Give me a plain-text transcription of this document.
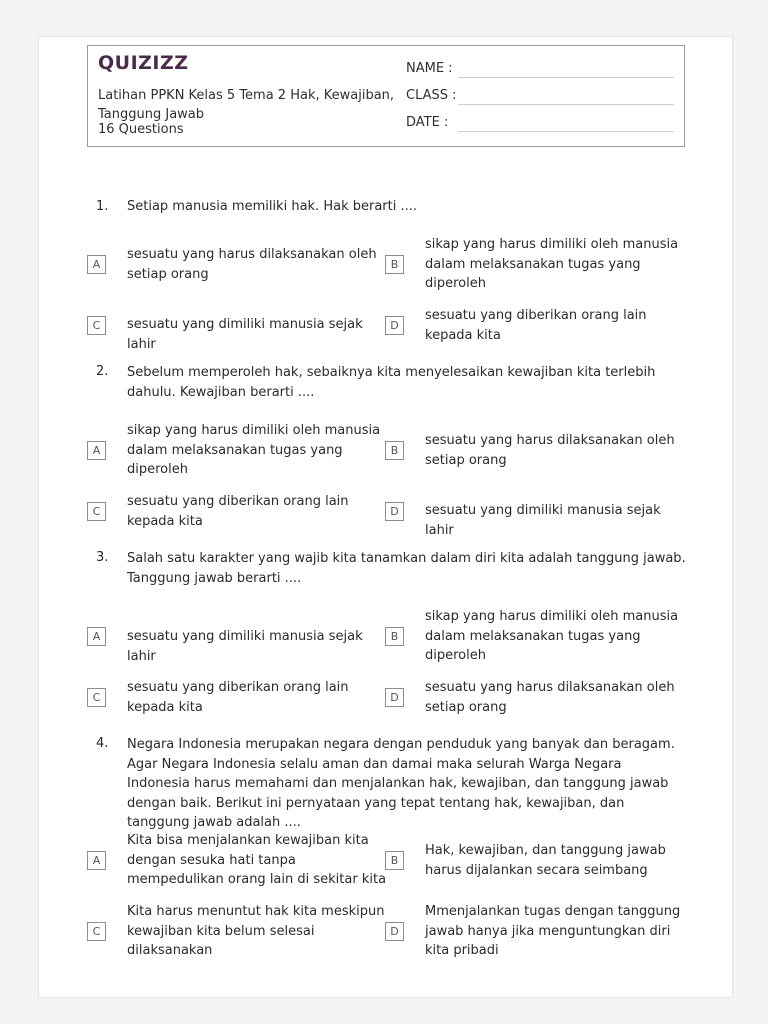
QUIZIZZ
Latihan PPKN Kelas 5 Tema 2 Hak, Kewajiban, Tanggung Jawab
16 Questions
NAME :
CLASS :
DATE :
1. Setiap manusia memiliki hak. Hak berarti ....
A
sesuatu yang harus dilaksanakan oleh setiap orang
B
sikap yang harus dimiliki oleh manusia dalam melaksanakan tugas yang diperoleh
C	sesuatu yang dimiliki manusia sejak lahir
D
sesuatu yang diberikan orang lain kepada kita
2. Sebelum memperoleh hak, sebaiknya kita menyelesaikan kewajiban kita terlebih dahulu. Kewajiban berarti ....
A
sikap yang harus dimiliki oleh manusia dalam melaksanakan tugas yang diperoleh
B
sesuatu yang harus dilaksanakan oleh setiap orang
C
sesuatu yang diberikan orang lain kepada kita
D	sesuatu yang dimiliki manusia sejak lahir
3. Salah satu karakter yang wajib kita tanamkan dalam diri kita adalah tanggung jawab. Tanggung jawab berarti ....
A	sesuatu yang dimiliki manusia sejak lahir
B
sikap yang harus dimiliki oleh manusia dalam melaksanakan tugas yang diperoleh
C
sesuatu yang diberikan orang lain kepada kita
D
sesuatu yang harus dilaksanakan oleh setiap orang
4. Negara Indonesia merupakan negara dengan penduduk yang banyak dan beragam. Agar Negara Indonesia selalu aman dan damai maka selurah Warga Negara Indonesia harus memahami dan menjalankan hak, kewajiban, dan tanggung jawab dengan baik. Berikut ini pernyataan yang tepat tentang hak, kewajiban, dan tanggung jawab adalah ....
A
Kita bisa menjalankan kewajiban kita dengan sesuka hati tanpa mempedulikan orang lain di sekitar kita
B
Hak, kewajiban, dan tanggung jawab harus dijalankan secara seimbang
C
Kita harus menuntut hak kita meskipun kewajiban kita belum selesai dilaksanakan
D
Mmenjalankan tugas dengan tanggung jawab hanya jika menguntungkan diri kita pribadi
